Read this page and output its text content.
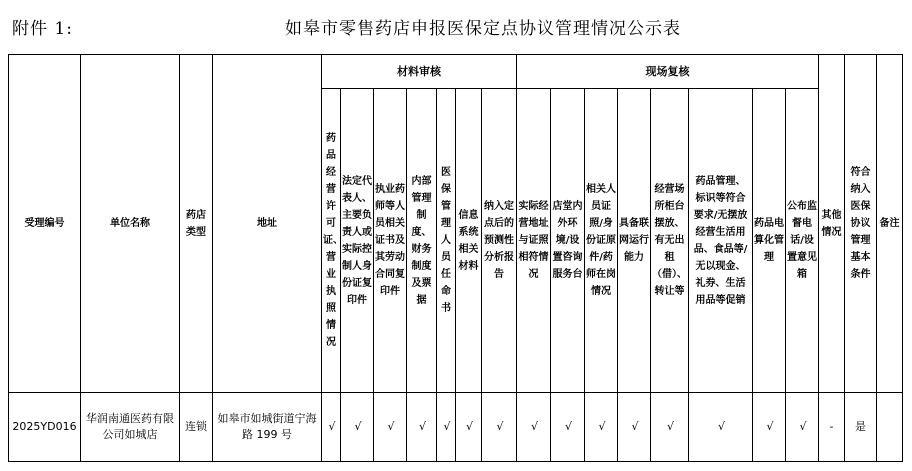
附件 1:	如皋市零售药店申报医保定点协议管理情况公示表
受理编号	单位名称	药店类型	地址	材料审核							现场复核								其他情况	符合纳入医保协议管理基本条件	备注

				药品经营许可证、营业执照情况	法定代表人、主要负责人或实际控制人身份证复印件	执业药师等人员相关证书及其劳动合同复印件	内部管理制度、财务制度及票据	医保管理人员任命书	信息系统相关材料	纳入定点后的预测性分析报告	实际经营地址与证照相符情况	店堂内外环境/设置咨询服务台	相关人员证照/身份证原件/药师在岗情况	具备联网运行能力	经营场所柜台摆放、有无出租（借）、转让等	药品管理、标识等符合要求/无摆放经营生活用品、食品等/无以现金、礼券、生活用品等促销	药品电算化管理	公布监督电话/设置意见箱			

2025YD016	华润南通医药有限公司如城店	连锁	如皋市如城街道宁海路 199 号	√	√	√	√	√	√	√	√	√	√	√	√	√	√	√	-	是	
